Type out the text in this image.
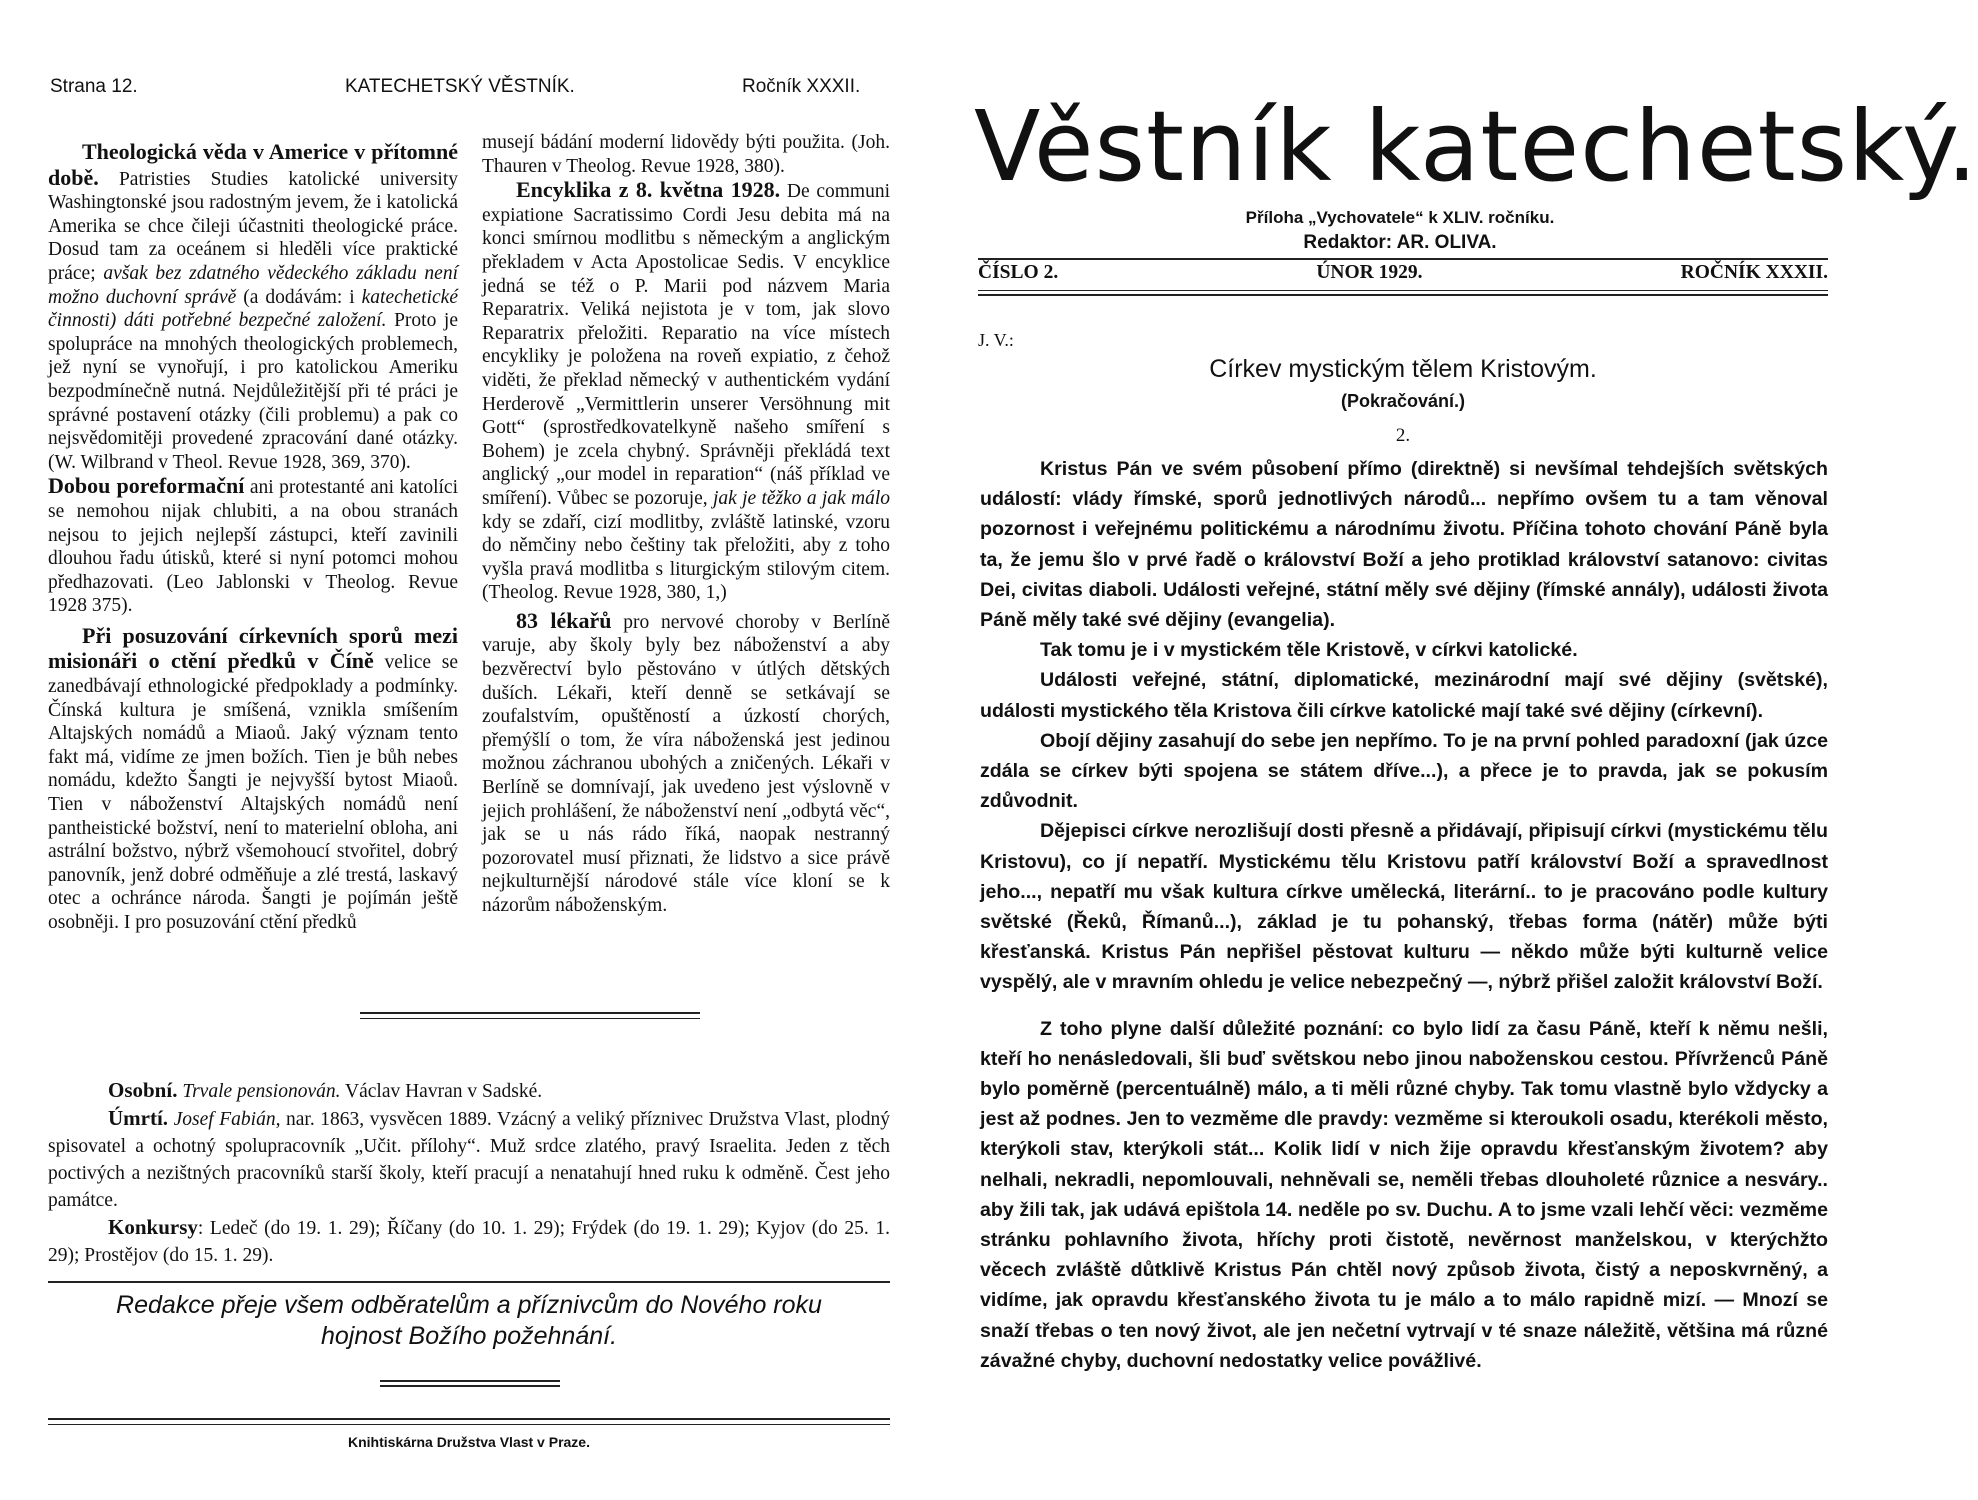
Strana 12.	KATECHETSKÝ VĚSTNÍK.	Ročník XXXII.

Theologická věda v Americe v přítomné době. Patristies Studies katolické university Washingtonské jsou radostným jevem, že i katolická Amerika se chce čileji účastniti theologické práce. Dosud tam za oceánem si hleděli více praktické práce; avšak bez zdatného vědeckého základu není možno duchovní správě (a dodávám: i katechetické činnosti) dáti potřebné bezpečné založení. Proto je spolupráce na mnohých theologických problemech, jež nyní se vynořují, i pro katolickou Ameriku bezpodmínečně nutná. Nejdůležitější při té práci je správné postavení otázky (čili problemu) a pak co nejsvědomitěji provedené zpracování dané otázky. (W. Wilbrand v Theol. Revue 1928, 369, 370).

Dobou poreformační ani protestanté ani katolíci se nemohou nijak chlubiti, a na obou stranách nejsou to jejich nejlepší zástupci, kteří zavinili dlouhou řadu útisků, které si nyní potomci mohou předhazovati. (Leo Jablonski v Theolog. Revue 1928 375).

Při posuzování církevních sporů mezi misionáři o ctění předků v Číně velice se zanedbávají ethnologické předpoklady a podmínky. Čínská kultura je smíšená, vznikla smíšením Altajských nomádů a Miaoů. Jaký význam tento fakt má, vidíme ze jmen božích. Tien je bůh nebes nomádu, kdežto Šangti je nejvyšší bytost Miaoů. Tien v náboženství Altajských nomádů není pantheistické božství, není to materielní obloha, ani astrální božstvo, nýbrž všemohoucí stvořitel, dobrý panovník, jenž dobré odměňuje a zlé trestá, laskavý otec a ochránce národa. Šangti je pojímán ještě osobněji. I pro posuzování ctění předků

musejí bádání moderní lidovědy býti použita. (Joh. Thauren v Theolog. Revue 1928, 380).

Encyklika z 8. května 1928. De communi expiatione Sacratissimo Cordi Jesu debita má na konci smírnou modlitbu s německým a anglickým překladem v Acta Apostolicae Sedis. V encyklice jedná se též o P. Marii pod názvem Maria Reparatrix. Veliká nejistota je v tom, jak slovo Reparatrix přeložiti. Reparatio na více místech encykliky je položena na roveň expiatio, z čehož viděti, že překlad německý v authentickém vydání Herderově „Vermittlerin unserer Versöhnung mit Gott“ (sprostředkovatelkyně našeho smíření s Bohem) je zcela chybný. Správněji překládá text anglický „our model in reparation“ (náš příklad ve smíření). Vůbec se pozoruje, jak je těžko a jak málo kdy se zdaří, cizí modlitby, zvláště latinské, vzoru do němčiny nebo češtiny tak přeložiti, aby z toho vyšla pravá modlitba s liturgickým stilovým citem. (Theolog. Revue 1928, 380, 1,)

83 lékařů pro nervové choroby v Berlíně varuje, aby školy byly bez náboženství a aby bezvěrectví bylo pěstováno v útlých dětských duších. Lékaři, kteří denně se setkávají se zoufalstvím, opuštěností a úzkostí chorých, přemýšlí o tom, že víra náboženská jest jedinou možnou záchranou ubohých a zničených. Lékaři v Berlíně se domnívají, jak uvedeno jest výslovně v jejich prohlášení, že náboženství není „odbytá věc“, jak se u nás rádo říká, naopak nestranný pozorovatel musí přiznati, že lidstvo a sice právě nejkulturnější národové stále více kloní se k názorům náboženským.

Osobní. Trvale pensionován. Václav Havran v Sadské.

Úmrtí. Josef Fabián, nar. 1863, vysvěcen 1889. Vzácný a veliký příznivec Družstva Vlast, plodný spisovatel a ochotný spolupracovník „Učit. přílohy“. Muž srdce zlatého, pravý Israelita. Jeden z těch poctivých a nezištných pracovníků starší školy, kteří pracují a nenatahují hned ruku k odměně. Čest jeho památce.

Konkursy: Ledeč (do 19. 1. 29); Říčany (do 10. 1. 29); Frýdek (do 19. 1. 29); Kyjov (do 25. 1. 29); Prostějov (do 15. 1. 29).

Redakce přeje všem odběratelům a příznivcům do Nového roku
hojnost Božího požehnání.
Knihtiskárna Družstva Vlast v Praze.
Věstník katechetský.
Příloha „Vychovatele“ k XLIV. ročníku.
Redaktor: AR. OLIVA.
ČÍSLO 2.	ÚNOR 1929.	ROČNÍK XXXII.
J. V.:
Církev mystickým tělem Kristovým.
(Pokračování.)
2.

Kristus Pán ve svém působení přímo (direktně) si nevšímal tehdejších světských událostí: vlády římské, sporů jednotlivých národů... nepřímo ovšem tu a tam věnoval pozornost i veřejnému politickému a národnímu životu. Příčina tohoto chování Páně byla ta, že jemu šlo v prvé řadě o království Boží a jeho protiklad království satanovo: civitas Dei, civitas diaboli. Události veřejné, státní měly své dějiny (římské annály), události života Páně měly také své dějiny (evangelia).

Tak tomu je i v mystickém těle Kristově, v církvi katolické.

Události veřejné, státní, diplomatické, mezinárodní mají své dějiny (světské), události mystického těla Kristova čili církve katolické mají také své dějiny (církevní).

Obojí dějiny zasahují do sebe jen nepřímo. To je na první pohled paradoxní (jak úzce zdála se církev býti spojena se státem dříve...), a přece je to pravda, jak se pokusím zdůvodnit.

Dějepisci církve nerozlišují dosti přesně a přidávají, připisují církvi (mystickému tělu Kristovu), co jí nepatří. Mystickému tělu Kristovu patří království Boží a spravedlnost jeho..., nepatří mu však kultura církve umělecká, literární.. to je pracováno podle kultury světské (Řeků, Římanů...), základ je tu pohanský, třebas forma (nátěr) může býti křesťanská. Kristus Pán nepřišel pěstovat kulturu — někdo může býti kulturně velice vyspělý, ale v mravním ohledu je velice nebezpečný —, nýbrž přišel založit království Boží.

Z toho plyne další důležité poznání: co bylo lidí za času Páně, kteří k němu nešli, kteří ho nenásledovali, šli buď světskou nebo jinou naboženskou cestou. Přívrženců Páně bylo poměrně (percentuálně) málo, a ti měli různé chyby. Tak tomu vlastně bylo vždycky a jest až podnes. Jen to vezměme dle pravdy: vezměme si kteroukoli osadu, kterékoli město, kterýkoli stav, kterýkoli stát... Kolik lidí v nich žije opravdu křesťanským životem? aby nelhali, nekradli, nepomlouvali, nehněvali se, neměli třebas dlouholeté různice a nesváry.. aby žili tak, jak udává epištola 14. neděle po sv. Duchu. A to jsme vzali lehčí věci: vezměme stránku pohlavního života, hříchy proti čistotě, nevěrnost manželskou, v kterýchžto věcech zvláště důtklivě Kristus Pán chtěl nový způsob života, čistý a neposkvrněný, a vidíme, jak opravdu křesťanského života tu je málo a to málo rapidně mizí. — Mnozí se snaží třebas o ten nový život, ale jen nečetní vytrvají v té snaze náležitě, většina má různé závažné chyby, duchovní nedostatky velice povážlivé.
